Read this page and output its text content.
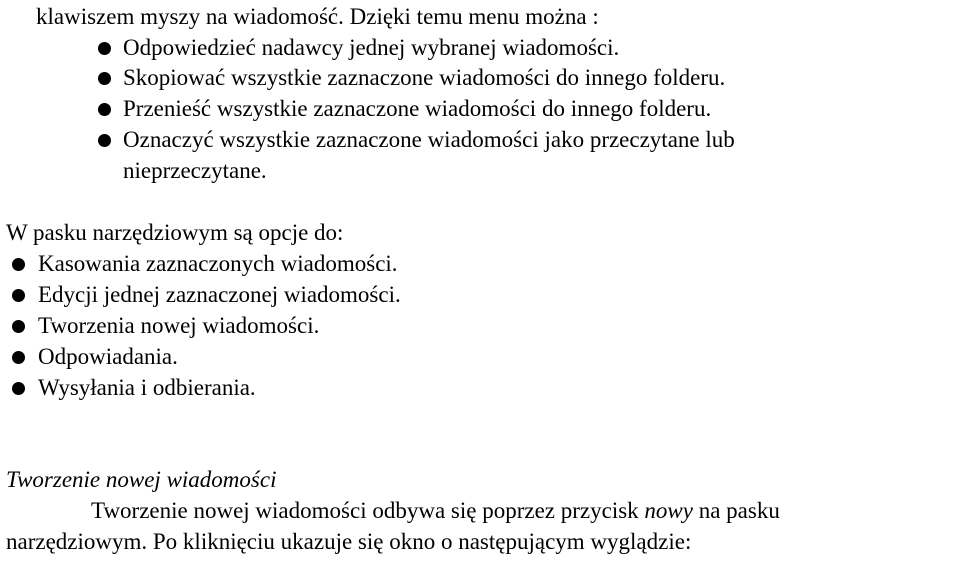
klawiszem myszy na wiadomość. Dzięki temu menu można :
Odpowiedzieć nadawcy jednej wybranej wiadomości.
Skopiować wszystkie zaznaczone wiadomości do innego folderu.
Przenieść wszystkie zaznaczone wiadomości do innego folderu.
Oznaczyć wszystkie zaznaczone wiadomości jako przeczytane lub
nieprzeczytane.
W pasku narzędziowym są opcje do:
Kasowania zaznaczonych wiadomości.
Edycji jednej zaznaczonej wiadomości.
Tworzenia nowej wiadomości.
Odpowiadania.
Wysyłania i odbierania.
Tworzenie nowej wiadomości
Tworzenie nowej wiadomości odbywa się poprzez przycisk nowy na pasku
narzędziowym. Po kliknięciu ukazuje się okno o następującym wyglądzie:
